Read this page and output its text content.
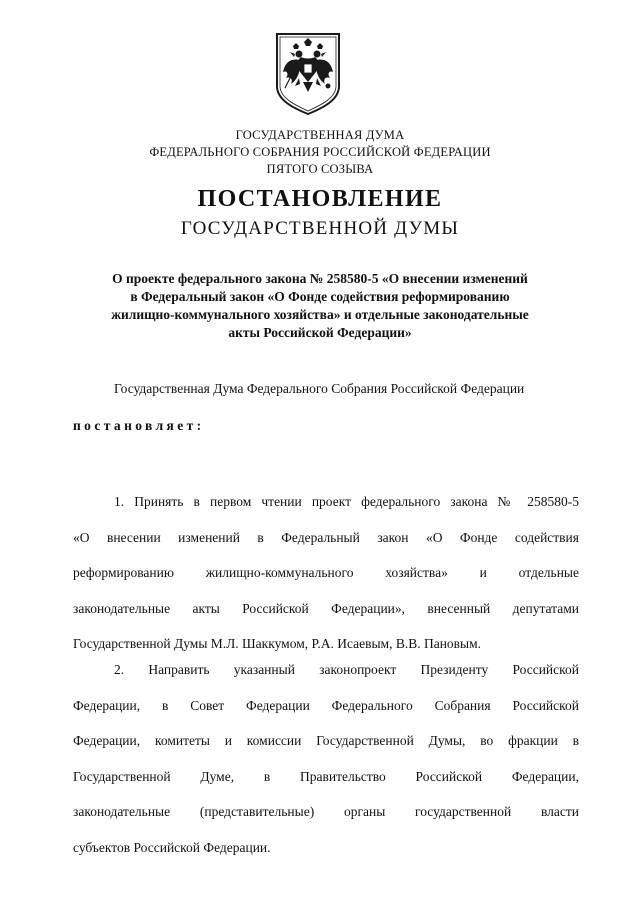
ГОСУДАРСТВЕННАЯ ДУМА
ФЕДЕРАЛЬНОГО СОБРАНИЯ РОССИЙСКОЙ ФЕДЕРАЦИИ
ПЯТОГО СОЗЫВА
ПОСТАНОВЛЕНИЕ
ГОСУДАРСТВЕННОЙ ДУМЫ
О проекте федерального закона № 258580-5 «О внесении изменений
в Федеральный закон «О Фонде содействия реформированию
жилищно-коммунального хозяйства» и отдельные законодательные
акты Российской Федерации»
Государственная Дума Федерального Собрания Российской Федерации
постановляет:
1. Принять в первом чтении проект федерального закона № 258580-5
«О внесении изменений в Федеральный закон «О Фонде содействия
реформированию жилищно-коммунального хозяйства» и отдельные
законодательные акты Российской Федерации», внесенный депутатами
Государственной Думы М.Л. Шаккумом, Р.А. Исаевым, В.В. Пановым.
2. Направить указанный законопроект Президенту Российской
Федерации, в Совет Федерации Федерального Собрания Российской
Федерации, комитеты и комиссии Государственной Думы, во фракции в
Государственной Думе, в Правительство Российской Федерации,
законодательные (представительные) органы государственной власти
субъектов Российской Федерации.
